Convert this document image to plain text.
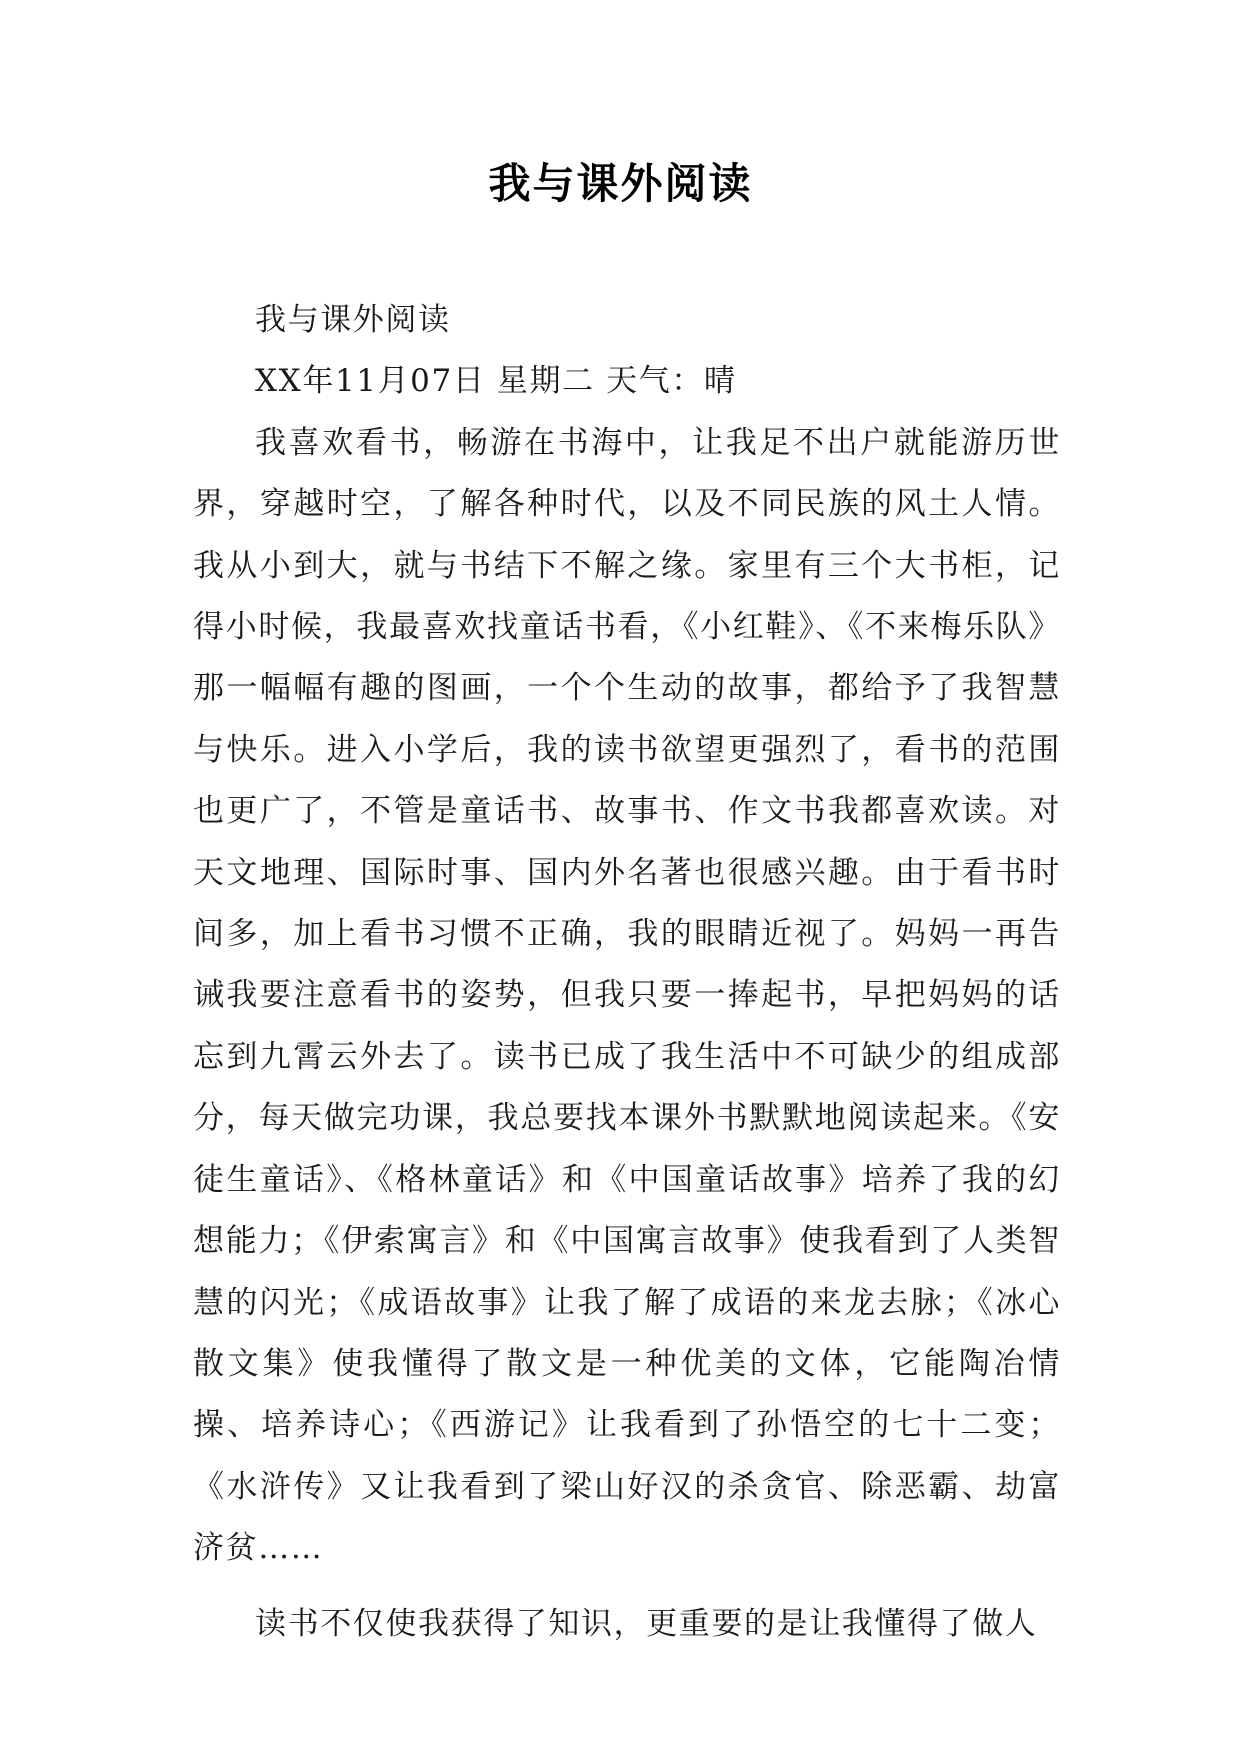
我与课外阅读

我与课外阅读

XX年11月07日 星期二 天气：晴

我喜欢看书，畅游在书海中，让我足不出户就能游历世界，穿越时空，了解各种时代，以及不同民族的风土人情。我从小到大，就与书结下不解之缘。家里有三个大书柜，记得小时候，我最喜欢找童话书看，《小红鞋》、《不来梅乐队》那一幅幅有趣的图画，一个个生动的故事，都给予了我智慧与快乐。进入小学后，我的读书欲望更强烈了，看书的范围也更广了，不管是童话书、故事书、作文书我都喜欢读。对天文地理、国际时事、国内外名著也很感兴趣。由于看书时间多，加上看书习惯不正确，我的眼睛近视了。妈妈一再告诫我要注意看书的姿势，但我只要一捧起书，早把妈妈的话忘到九霄云外去了。读书已成了我生活中不可缺少的组成部分，每天做完功课，我总要找本课外书默默地阅读起来。《安徒生童话》、《格林童话》和《中国童话故事》培养了我的幻想能力；《伊索寓言》和《中国寓言故事》使我看到了人类智慧的闪光；《成语故事》让我了解了成语的来龙去脉；《冰心散文集》使我懂得了散文是一种优美的文体，它能陶冶情操、培养诗心；《西游记》让我看到了孙悟空的七十二变；《水浒传》又让我看到了梁山好汉的杀贪官、除恶霸、劫富济贫……

读书不仅使我获得了知识，更重要的是让我懂得了做人
